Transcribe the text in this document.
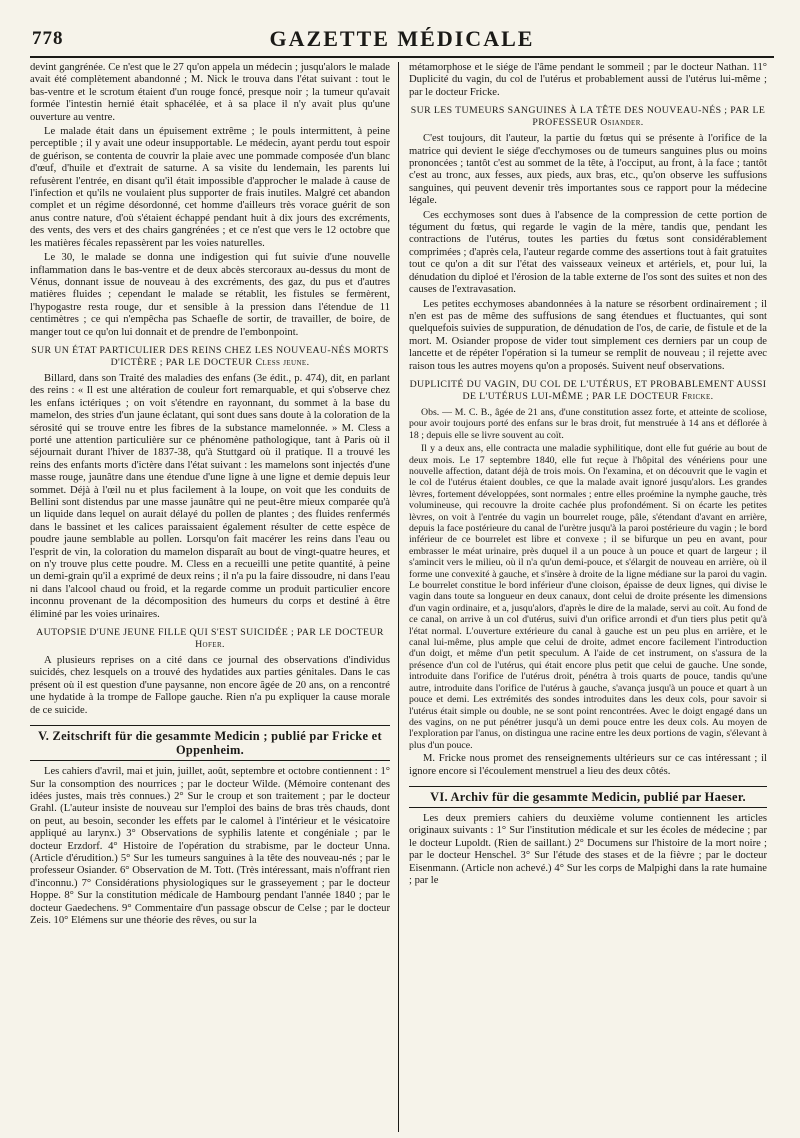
778	GAZETTE MÉDICALE

devint gangrénée. Ce n'est que le 27 qu'on appela un médecin ; jusqu'alors le malade avait été complètement abandonné ; M. Nick le trouva dans l'état suivant : tout le bas-ventre et le scrotum étaient d'un rouge foncé, presque noir ; la tumeur qu'avait formée l'intestin hernié était sphacélée, et à sa place il n'y avait plus qu'une ouverture au ventre.

Le malade était dans un épuisement extrême ; le pouls intermittent, à peine perceptible ; il y avait une odeur insupportable. Le médecin, ayant perdu tout espoir de guérison, se contenta de couvrir la plaie avec une pommade composée d'un blanc d'œuf, d'huile et d'extrait de saturne. A sa visite du lendemain, les parents lui refusèrent l'entrée, en disant qu'il était impossible d'approcher le malade à cause de l'infection et qu'ils ne voulaient plus supporter de frais inutiles. Malgré cet abandon complet et un régime désordonné, cet homme d'ailleurs très vorace guérit de son anus contre nature, d'où s'étaient échappé pendant huit à dix jours des excréments, des vents, des vers et des chairs gangrénées ; et ce n'est que vers le 12 octobre que les matières fécales repassèrent par les voies naturelles.

Le 30, le malade se donna une indigestion qui fut suivie d'une nouvelle inflammation dans le bas-ventre et de deux abcès stercoraux au-dessus du mont de Vénus, donnant issue de nouveau à des excréments, des gaz, du pus et d'autres matières fluides ; cependant le malade se rétablit, les fistules se fermèrent, l'hypogastre resta rouge, dur et sensible à la pression dans l'étendue de 11 centimètres ; ce qui n'empêcha pas Schaefle de sortir, de travailler, de boire, de manger tout ce qu'on lui donnait et de prendre de l'embonpoint.

SUR UN ÉTAT PARTICULIER DES REINS CHEZ LES NOUVEAU-NÉS MORTS D'ICTÈRE ; PAR LE DOCTEUR Cless jeune.

Billard, dans son Traité des maladies des enfans (3e édit., p. 474), dit, en parlant des reins : « Il est une altération de couleur fort remarquable, et qui s'observe chez les enfans ictériques ; on voit s'étendre en rayonnant, du sommet à la base du mamelon, des stries d'un jaune éclatant, qui sont dues sans doute à la coloration de la sérosité qui se trouve entre les fibres de la substance mamelonnée. » M. Cless a porté une attention particulière sur ce phénomène pathologique, tant à Paris où il séjournait durant l'hiver de 1837-38, qu'à Stuttgard où il pratique. Il a trouvé les reins des enfants morts d'ictère dans l'état suivant : les mamelons sont injectés d'une masse rouge, jaunâtre dans une étendue d'une ligne à une ligne et demie depuis leur sommet. Déjà à l'œil nu et plus facilement à la loupe, on voit que les conduits de Bellini sont distendus par une masse jaunâtre qui ne peut-être mieux comparée qu'à un liquide dans lequel on aurait délayé du pollen de plantes ; des fluides renfermés dans le bassinet et les calices paraissaient également résulter de cette espèce de poudre jaune semblable au pollen. Lorsqu'on fait macérer les reins dans l'eau ou l'esprit de vin, la coloration du mamelon disparaît au bout de vingt-quatre heures, et on n'y trouve plus cette poudre. M. Cless en a recueilli une petite quantité, à peine un demi-grain qu'il a exprimé de deux reins ; il n'a pu la faire dissoudre, ni dans l'eau ni dans l'alcool chaud ou froid, et la regarde comme un produit particulier encore inconnu provenant de la décomposition des humeurs du corps et destiné à être éliminé par les voies urinaires.

AUTOPSIE D'UNE JEUNE FILLE QUI S'EST SUICIDÉE ; PAR LE DOCTEUR Hofer.

A plusieurs reprises on a cité dans ce journal des observations d'individus suicidés, chez lesquels on a trouvé des hydatides aux parties génitales. Dans le cas présent où il est question d'une paysanne, non encore âgée de 20 ans, on a rencontré une hydatide à la trompe de Fallope gauche. Rien n'a pu expliquer la cause morale de ce suicide.

V. Zeitschrift für die gesammte Medicin ; publié par Fricke et Oppenheim.

Les cahiers d'avril, mai et juin, juillet, août, septembre et octobre contiennent : 1° Sur la consomption des nourrices ; par le docteur Wilde. (Mémoire contenant des idées justes, mais très connues.) 2° Sur le croup et son traitement ; par le docteur Grahl. (L'auteur insiste de nouveau sur l'emploi des bains de bras très chauds, dont on peut, au besoin, seconder les effets par le calomel à l'intérieur et le vésicatoire appliqué au larynx.) 3° Observations de syphilis latente et congéniale ; par le docteur Erzdorf. 4° Histoire de l'opération du strabisme, par le docteur Unna. (Article d'érudition.) 5° Sur les tumeurs sanguines à la tête des nouveau-nés ; par le professeur Osiander. 6° Observation de M. Tott. (Très intéressant, mais n'offrant rien d'inconnu.) 7° Considérations physiologiques sur le grasseyement ; par le docteur Hoppe. 8° Sur la constitution médicale de Hambourg pendant l'année 1840 ; par le docteur Gaedechens. 9° Commentaire d'un passage obscur de Celse ; par le docteur Zeis. 10° Elémens sur une théorie des rêves, ou sur la

métamorphose et le siége de l'âme pendant le sommeil ; par le docteur Nathan. 11° Duplicité du vagin, du col de l'utérus et probablement aussi de l'utérus lui-même ; par le docteur Fricke.

SUR LES TUMEURS SANGUINES À LA TÊTE DES NOUVEAU-NÉS ; PAR LE PROFESSEUR Osiander.

C'est toujours, dit l'auteur, la partie du fœtus qui se présente à l'orifice de la matrice qui devient le siége d'ecchymoses ou de tumeurs sanguines plus ou moins prononcées ; tantôt c'est au sommet de la tête, à l'occiput, au front, à la face ; tantôt c'est au tronc, aux fesses, aux pieds, aux bras, etc., qu'on observe les suffusions sanguines, qui peuvent devenir très importantes sous ce rapport pour la médecine légale.

Ces ecchymoses sont dues à l'absence de la compression de cette portion de tégument du fœtus, qui regarde le vagin de la mère, tandis que, pendant les contractions de l'utérus, toutes les parties du fœtus sont considérablement comprimées ; d'après cela, l'auteur regarde comme des assertions tout à fait gratuites tout ce qu'on a dit sur l'état des vaisseaux veineux et artériels, et, pour lui, la dénudation du diploé et l'érosion de la table externe de l'os sont des suites et non des causes de l'extravasation.

Les petites ecchymoses abandonnées à la nature se résorbent ordinairement ; il n'en est pas de même des suffusions de sang étendues et fluctuantes, qui sont quelquefois suivies de suppuration, de dénudation de l'os, de carie, de fistule et de la mort. M. Osiander propose de vider tout simplement ces derniers par un coup de lancette et de répéter l'opération si la tumeur se remplit de nouveau ; il rejette avec raison tous les autres moyens qu'on a proposés. Suivent neuf observations.

DUPLICITÉ DU VAGIN, DU COL DE L'UTÉRUS, ET PROBABLEMENT AUSSI DE L'UTÉRUS LUI-MÊME ; PAR LE DOCTEUR Fricke.

Obs. — M. C. B., âgée de 21 ans, d'une constitution assez forte, et atteinte de scoliose, pour avoir toujours porté des enfans sur le bras droit, fut menstruée à 14 ans et déflorée à 18 ; depuis elle se livre souvent au coït.

Il y a deux ans, elle contracta une maladie syphilitique, dont elle fut guérie au bout de deux mois. Le 17 septembre 1840, elle fut reçue à l'hôpital des vénériens pour une nouvelle affection, datant déjà de trois mois. On l'examina, et on découvrit que le vagin et le col de l'utérus étaient doubles, ce que la malade avait ignoré jusqu'alors. Les grandes lèvres, fortement développées, sont normales ; entre elles proémine la nymphe gauche, très volumineuse, qui recouvre la droite cachée plus profondément. Si on écarte les petites lèvres, on voit à l'entrée du vagin un bourrelet rouge, pâle, s'étendant d'avant en arrière, depuis la face postérieure du canal de l'urètre jusqu'à la paroi postérieure du vagin ; le bord inférieur de ce bourrelet est libre et convexe ; il se bifurque un peu en avant, pour embrasser le méat urinaire, près duquel il a un pouce à un pouce et quart de largeur ; il s'amincit vers le milieu, où il n'a qu'un demi-pouce, et s'élargit de nouveau en arrière, où il forme une convexité à gauche, et s'insère à droite de la ligne médiane sur la paroi du vagin. Le bourrelet constitue le bord inférieur d'une cloison, épaisse de deux lignes, qui divise le vagin dans toute sa longueur en deux canaux, dont celui de droite présente les dimensions d'un vagin ordinaire, et a, jusqu'alors, d'après le dire de la malade, servi au coït. Au fond de ce canal, on arrive à un col d'utérus, suivi d'un orifice arrondi et d'un tiers plus petit qu'à l'état normal. L'ouverture extérieure du canal à gauche est un peu plus en arrière, et le canal lui-même, plus ample que celui de droite, admet encore facilement l'introduction d'un doigt, et même d'un petit speculum. A l'aide de cet instrument, on s'assura de la présence d'un col de l'utérus, qui était encore plus petit que celui de gauche. Une sonde, introduite dans l'orifice de l'utérus droit, pénétra à trois quarts de pouce, tandis qu'une autre, introduite dans l'orifice de l'utérus à gauche, s'avança jusqu'à un pouce et quart à un pouce et demi. Les extrémités des sondes introduites dans les deux cols, pour savoir si l'utérus était simple ou double, ne se sont point rencontrées. Avec le doigt engagé dans un des vagins, on ne put pénétrer jusqu'à un demi pouce entre les deux cols. Au moyen de l'exploration par l'anus, on distingua une racine entre les deux portions de vagin, s'élevant à plus d'un pouce.

M. Fricke nous promet des renseignements ultérieurs sur ce cas intéressant ; il ignore encore si l'écoulement menstruel a lieu des deux côtés.

VI. Archiv für die gesammte Medicin, publié par Haeser.

Les deux premiers cahiers du deuxième volume contiennent les articles originaux suivants : 1° Sur l'institution médicale et sur les écoles de médecine ; par le docteur Lupoldt. (Rien de saillant.) 2° Documens sur l'histoire de la mort noire ; par le docteur Henschel. 3° Sur l'étude des stases et de la fièvre ; par le docteur Eisenmann. (Article non achevé.) 4° Sur les corps de Malpighi dans la rate humaine ; par le
